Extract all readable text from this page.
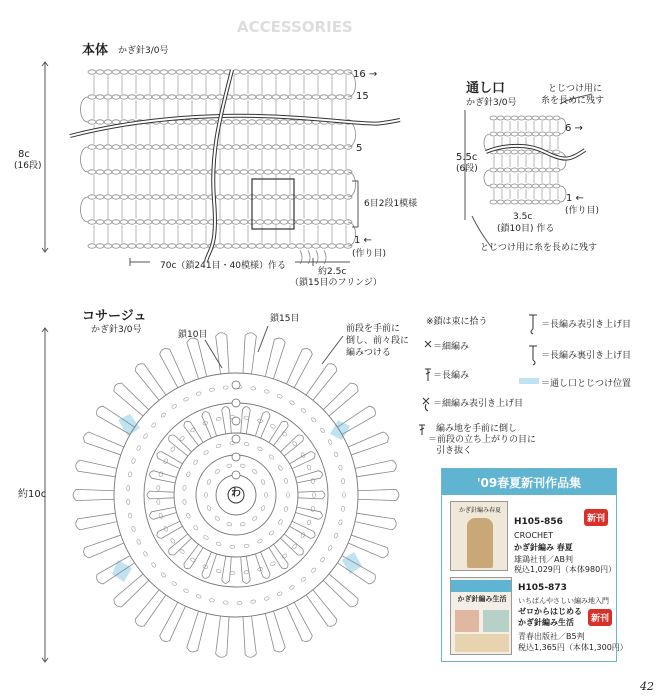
ACCESSORIES
本体 かぎ針3/0号
8c
(16段)
16 →
15
5
6目2段1模様
1 ←
(作り目)
70c（鎖241目・40模様）作る
約2.5c
（鎖15目のフリンジ）
通し口
かぎ針3/0号
とじつけ用に
糸を長めに残す
5.5c
(6段)
6 →
1 ←
(作り目)
3.5c
(鎖10目) 作る
とじつけ用に糸を長めに残す
コサージュ
かぎ針3/0号	鎖10目
鎖15目
前段を手前に
倒し、前々段に
編みつける
約10c	わ
※鎖は束に拾う	＝長編み表引き上げ目
＝細編み
＝長編み裏引き上げ目
＝長編み
＝通し口とじつけ位置
＝細編み表引き上げ目
編み地を手前に倒し
＝前段の立ち上がりの目に
引き抜く
'09春夏新刊作品集
かぎ針編み春夏
H105-856	新刊
CROCHET
かぎ針編み 春夏
雄鶏社刊／AB判
税込1,029円（本体980円）
かぎ針編み生活
H105-873
いちばんやさしい編み地入門
ゼロからはじめる
かぎ針編み生活	新刊
青春出版社／B5判
税込1,365円（本体1,300円）
42
